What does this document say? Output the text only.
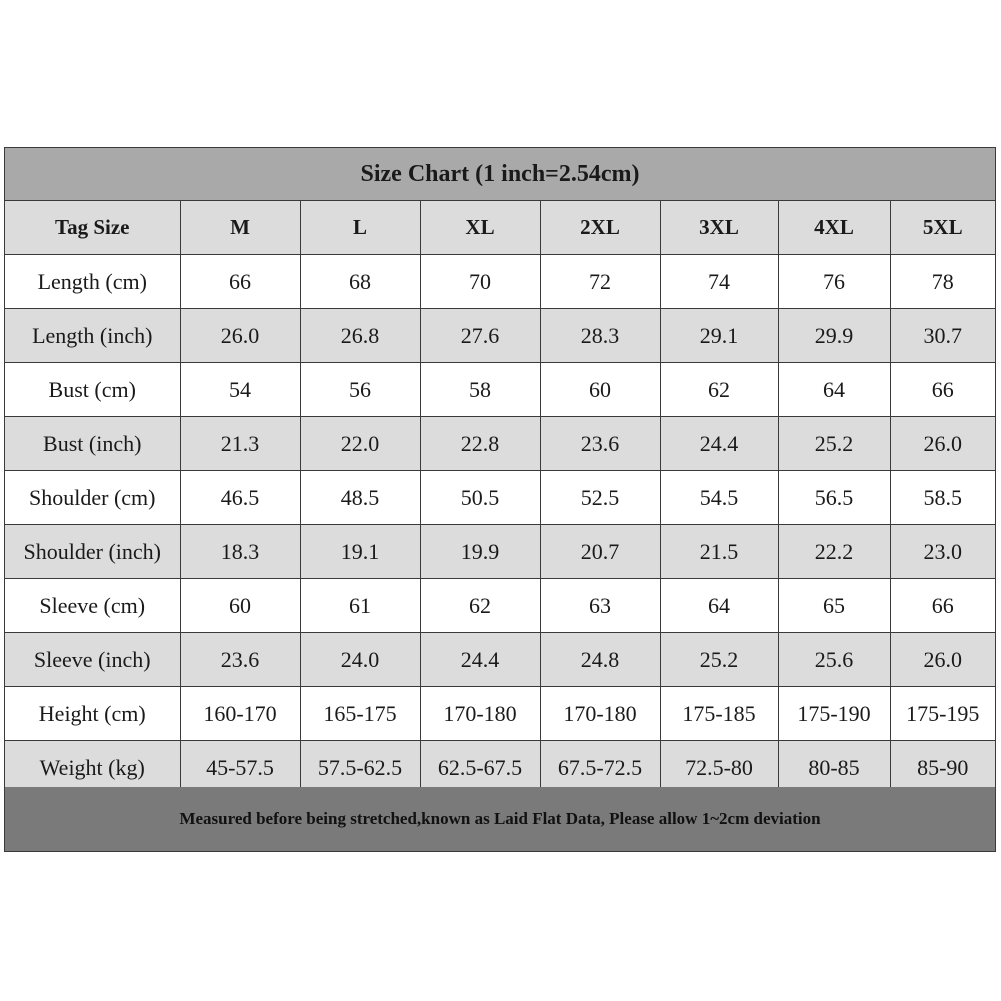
Size Chart (1 inch=2.54cm)
Tag Size	M	L	XL	2XL	3XL	4XL	5XL
Length (cm)	66	68	70	72	74	76	78
Length (inch)	26.0	26.8	27.6	28.3	29.1	29.9	30.7
Bust (cm)	54	56	58	60	62	64	66
Bust (inch)	21.3	22.0	22.8	23.6	24.4	25.2	26.0
Shoulder (cm)	46.5	48.5	50.5	52.5	54.5	56.5	58.5
Shoulder (inch)	18.3	19.1	19.9	20.7	21.5	22.2	23.0
Sleeve (cm)	60	61	62	63	64	65	66
Sleeve (inch)	23.6	24.0	24.4	24.8	25.2	25.6	26.0
Height (cm)	160-170	165-175	170-180	170-180	175-185	175-190	175-195
Weight (kg)	45-57.5	57.5-62.5	62.5-67.5	67.5-72.5	72.5-80	80-85	85-90
Measured before being stretched,known as Laid Flat Data, Please allow 1~2cm deviation
